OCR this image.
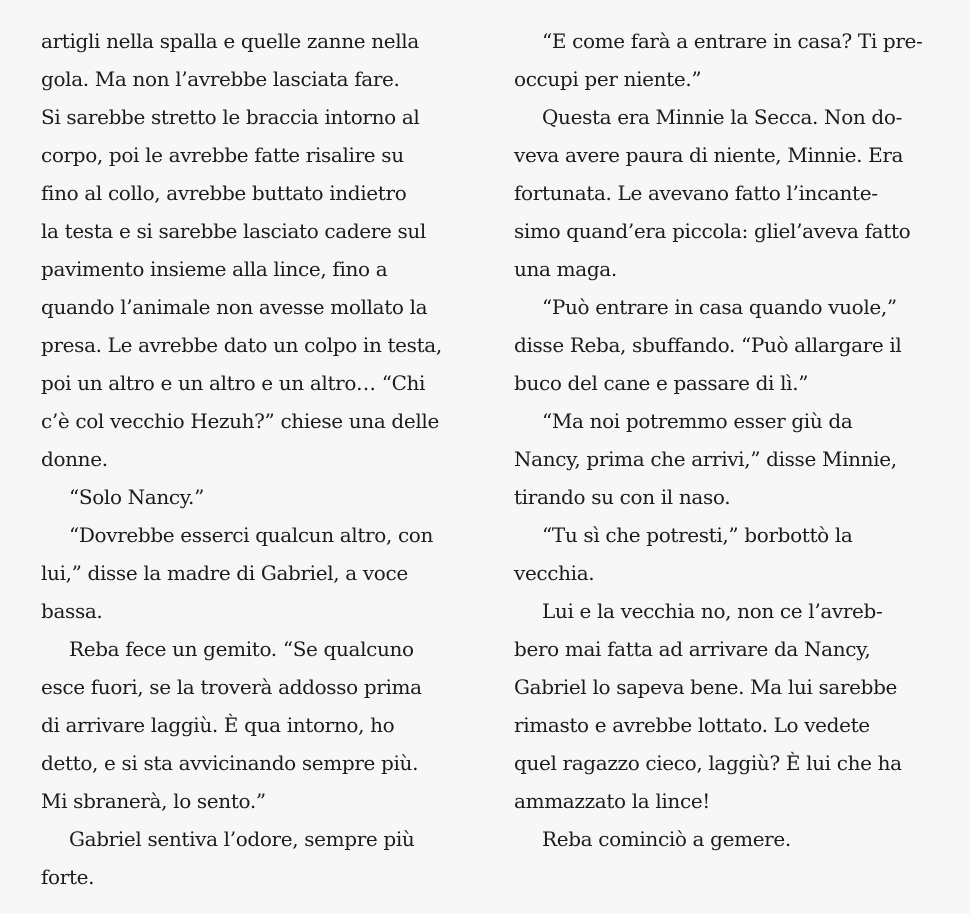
artigli nella spalla e quelle zanne nella
gola. Ma non l’avrebbe lasciata fare.
Si sarebbe stretto le braccia intorno al
corpo, poi le avrebbe fatte risalire su
fino al collo, avrebbe buttato indietro
la testa e si sarebbe lasciato cadere sul
pavimento insieme alla lince, fino a
quando l’animale non avesse mollato la
presa. Le avrebbe dato un colpo in testa,
poi un altro e un altro e un altro… “Chi
c’è col vecchio Hezuh?” chiese una delle
donne.
“Solo Nancy.”
“Dovrebbe esserci qualcun altro, con
lui,” disse la madre di Gabriel, a voce
bassa.
Reba fece un gemito. “Se qualcuno
esce fuori, se la troverà addosso prima
di arrivare laggiù. È qua intorno, ho
detto, e si sta avvicinando sempre più.
Mi sbranerà, lo sento.”
Gabriel sentiva l’odore, sempre più
forte.
“E come farà a entrare in casa? Ti pre-
occupi per niente.”
Questa era Minnie la Secca. Non do-
veva avere paura di niente, Minnie. Era
fortunata. Le avevano fatto l’incante-
simo quand’era piccola: gliel’aveva fatto
una maga.
“Può entrare in casa quando vuole,”
disse Reba, sbuffando. “Può allargare il
buco del cane e passare di lì.”
“Ma noi potremmo esser giù da
Nancy, prima che arrivi,” disse Minnie,
tirando su con il naso.
“Tu sì che potresti,” borbottò la
vecchia.
Lui e la vecchia no, non ce l’avreb-
bero mai fatta ad arrivare da Nancy,
Gabriel lo sapeva bene. Ma lui sarebbe
rimasto e avrebbe lottato. Lo vedete
quel ragazzo cieco, laggiù? È lui che ha
ammazzato la lince!
Reba cominciò a gemere.
